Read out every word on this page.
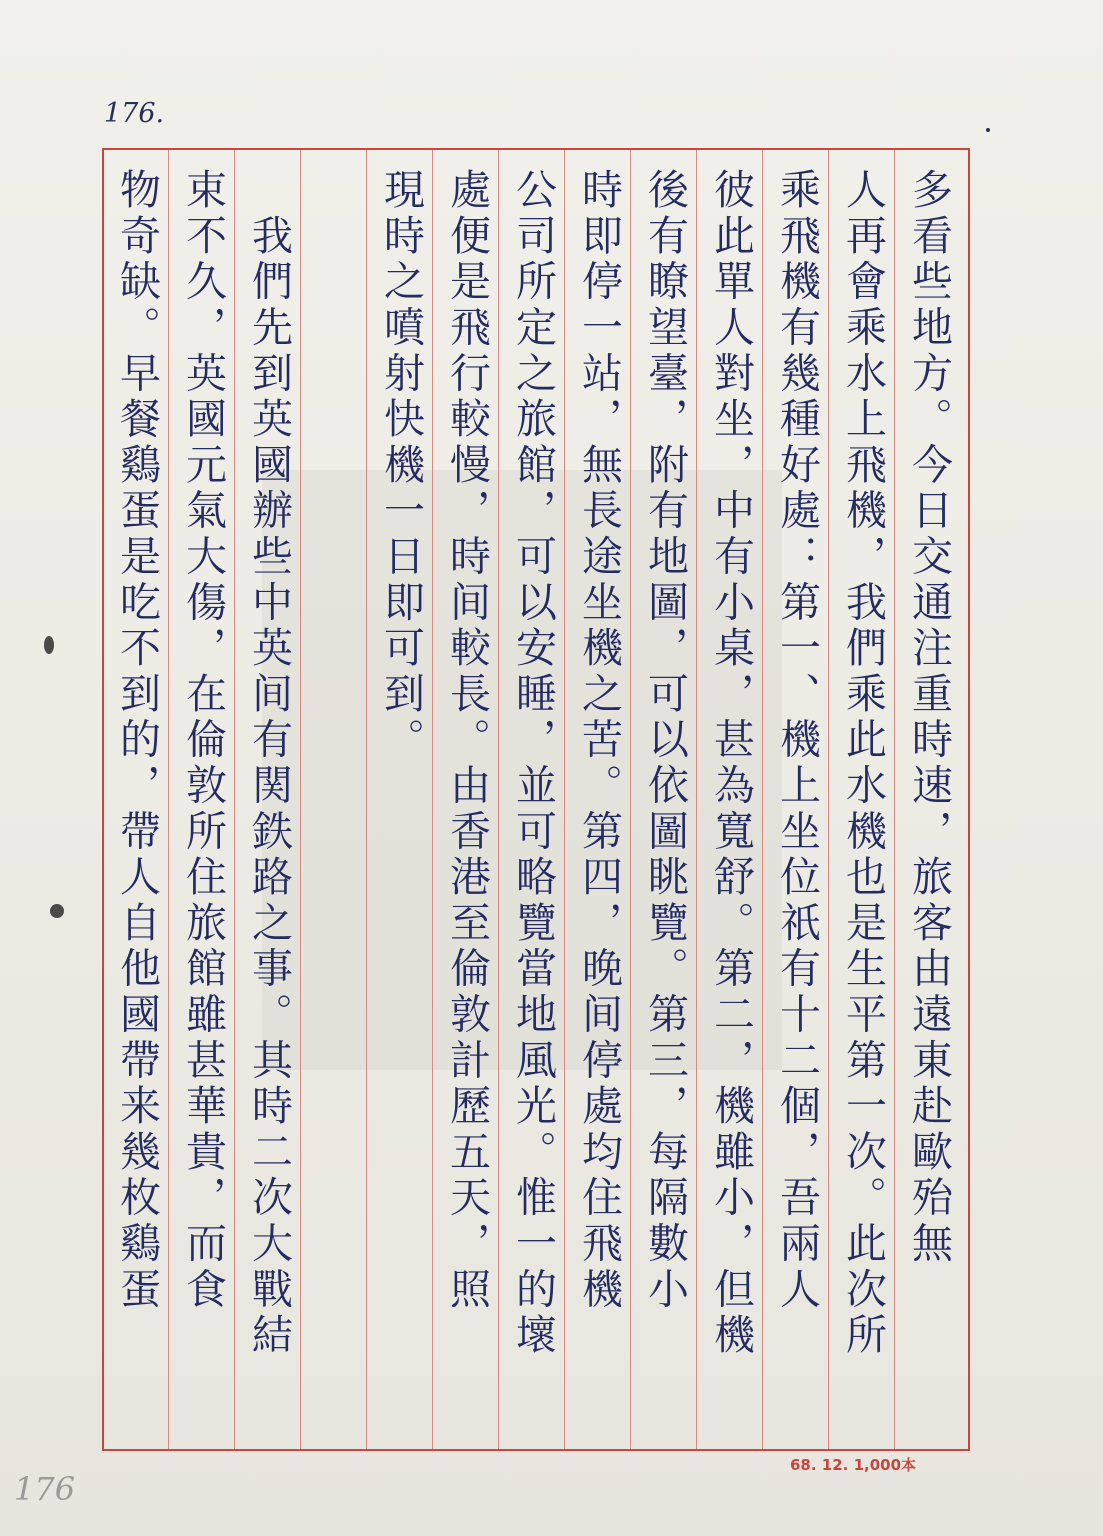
176.
多看些地方。今日交通注重時速，旅客由遠東赴歐殆無
人再會乘水上飛機，我們乘此水機也是生平第一次。此次所
乘飛機有幾種好處：第一、機上坐位祇有十二個，吾兩人
彼此單人對坐，中有小桌，甚為寬舒。第二，機雖小，但機
後有瞭望臺，附有地圖，可以依圖眺覽。第三，每隔數小
時即停一站，無長途坐機之苦。第四，晚间停處均住飛機
公司所定之旅館，可以安睡，並可略覽當地風光。惟一的壞
處便是飛行較慢，時间較長。由香港至倫敦計歷五天，照
現時之噴射快機一日即可到。
　我們先到英國辦些中英间有関鉄路之事。其時二次大戰結
束不久，英國元氣大傷，在倫敦所住旅館雖甚華貴，而食
物奇缺。早餐鷄蛋是吃不到的，帶人自他國帶来幾枚鷄蛋
68. 12. 1,000本
176
